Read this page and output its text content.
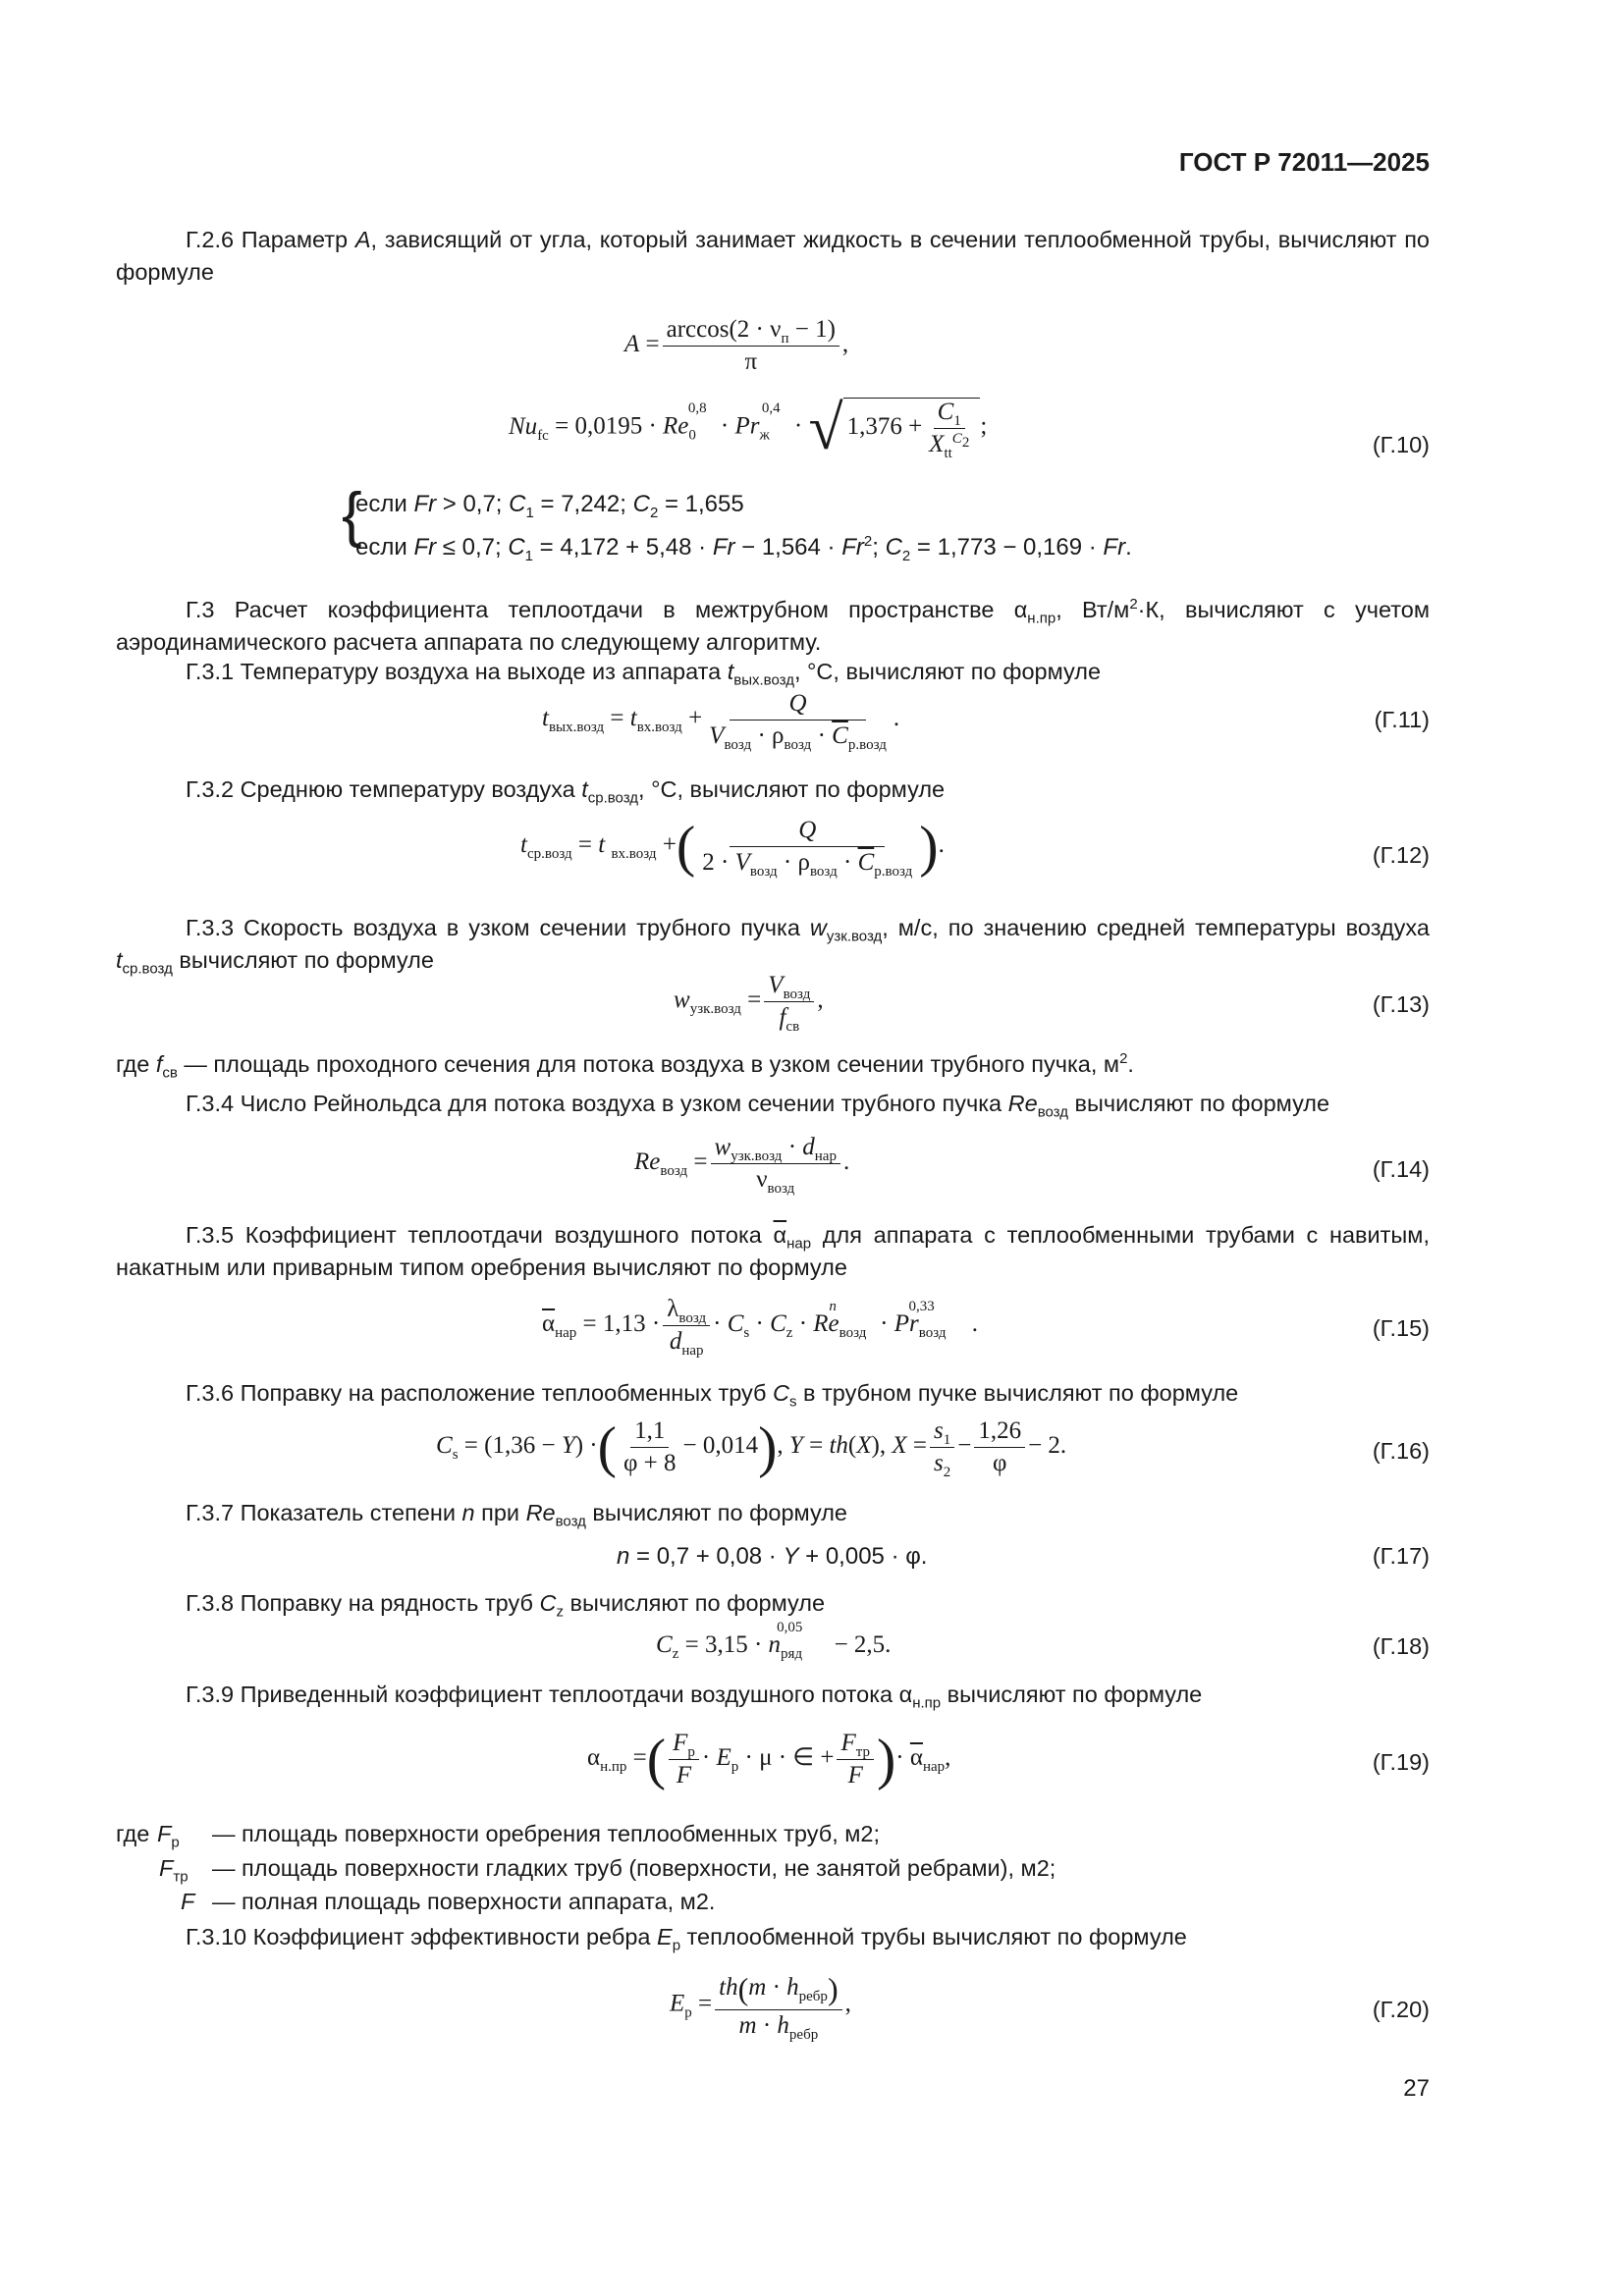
ГОСТ Р 72011—2025
Г.2.6 Параметр A, зависящий от угла, который занимает жидкость в сечении теплообменной трубы, вычисляют по формуле
$A = \frac{\arccos(2 \cdot \nu_п - 1)}{\pi}$ ,
$Nu_{fc} = 0,0195 \cdot Re_0^{0,8} \cdot Pr_ж^{0,4}$ · √ $1,376 + \frac{C_1}{X_{tt}^{C_2}}$ ;
(Г.10)
{
если Fr > 0,7; $C_1 = 7,242$; $C_2 = 1,655$
если Fr ≤ 0,7; $C_1 = 4,172 + 5,48 \cdot Fr - 1,564 \cdot Fr^2$; $C_2 = 1,773 - 0,169 \cdot Fr$.
Г.3 Расчет коэффициента теплоотдачи в межтрубном пространстве $\alpha_{н.пр}$, $Вт/м^2\cdot К$, вычисляют с учетом аэродинамического расчета аппарата по следующему алгоритму.
Г.3.1 Температуру воздуха на выходе из аппарата $t_{вых.возд}$, °С, вычисляют по формуле
$t_{вых.возд} = t_{вх.возд} + \frac{Q}{V_{возд} \cdot \rho_{возд} \cdot \overline{C}_{р.возд}}$ .	(Г.11)
Г.3.2 Среднюю температуру воздуха $t_{ср.возд}$, °С, вычисляют по формуле
$t_{ср.возд} = t$ $_{вх.возд}$ +( $\frac{Q}{2 \cdot V_{возд} \cdot \rho_{возд} \cdot \overline{C}_{р.возд}}$ ).	(Г.12)
Г.3.3 Скорость воздуха в узком сечении трубного пучка $w_{узк.возд}$, м/с, по значению средней температуры воздуха $t_{ср.возд}$ вычисляют по формуле
$w_{узк.возд} = \frac{V_{возд}}{f_{св}}$ ,	(Г.13)
где $f_{св}$ — площадь проходного сечения для потока воздуха в узком сечении трубного пучка, $м^2$.
Г.3.4 Число Рейнольдса для потока воздуха в узком сечении трубного пучка $Re_{возд}$ вычисляют по формуле
$Re_{возд} = \frac{w_{узк.возд} \cdot d_{нар}}{\nu_{возд}}$ .	(Г.14)
Г.3.5 Коэффициент теплоотдачи воздушного потока $\overline{\alpha}_{нар}$ для аппарата с теплообменными трубами с навитым, накатным или приварным типом оребрения вычисляют по формуле
$\overline{\alpha}_{нар} = 1,13 \cdot \frac{\lambda_{возд}}{d_{нар}} \cdot C_s \cdot C_z \cdot Re_{возд}^n \cdot Pr_{возд}^{0,33}$.	(Г.15)
Г.3.6 Поправку на расположение теплообменных труб $C_s$ в трубном пучке вычисляют по формуле
$C_s = (1,36 - Y)$ ·( $\frac{1,1}{\varphi + 8} - 0,014$), Y = th(X), $X = \frac{s_1}{s_2} - \frac{1,26}{\varphi} - 2$.	(Г.16)
Г.3.7 Показатель степени n при $Re_{возд}$ вычисляют по формуле
n = 0,7 + 0,08 · Y + 0,005 · φ.	(Г.17)
Г.3.8 Поправку на рядность труб $C_z$ вычисляют по формуле
$C_z = 3,15 \cdot n_{ряд}^{0,05} - 2,5$.	(Г.18)
Г.3.9 Приведенный коэффициент теплоотдачи воздушного потока $\alpha_{н.пр}$ вычисляют по формуле
$\alpha_{н.пр}$ =( $\frac{F_р}{F} \cdot E_р \cdot \mu$ · ∈ + $\frac{F_{тр}}{F}$ )· $\overline{\alpha}_{нар}$,	(Г.19)
где $F_р$ — площадь поверхности оребрения теплообменных труб, м2;
$F_{тр}$ — площадь поверхности гладких труб (поверхности, не занятой ребрами), м2;
F — полная площадь поверхности аппарата, м2.
Г.3.10 Коэффициент эффективности ребра $E_р$ теплообменной трубы вычисляют по формуле
$E_р = \frac{th(m \cdot h_{ребр})}{m \cdot h_{ребр}}$ ,	(Г.20)
27
